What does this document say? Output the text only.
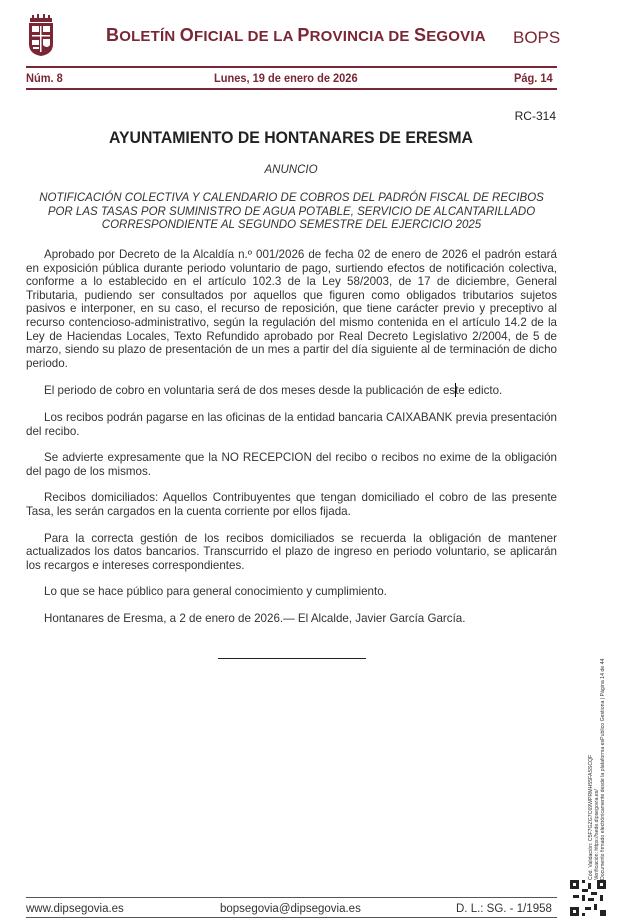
BOLETÍN OFICIAL DE LA PROVINCIA DE SEGOVIA BOPS
Núm. 8	Lunes, 19 de enero de 2026	Pág. 14
RC-314
AYUNTAMIENTO DE HONTANARES DE ERESMA
ANUNCIO
NOTIFICACIÓN COLECTIVA Y CALENDARIO DE COBROS DEL PADRÓN FISCAL DE RECIBOS POR LAS TASAS POR SUMINISTRO DE AGUA POTABLE, SERVICIO DE ALCANTARILLADO CORRESPONDIENTE AL SEGUNDO SEMESTRE DEL EJERCICIO 2025

Aprobado por Decreto de la Alcaldía n.º 001/2026 de fecha 02 de enero de 2026 el padrón estará en exposición pública durante periodo voluntario de pago, surtiendo efectos de notificación colectiva, conforme a lo establecido en el artículo 102.3 de la Ley 58/2003, de 17 de diciembre, General Tributaria, pudiendo ser consultados por aquellos que figuren como obligados tributarios sujetos pasivos e interponer, en su caso, el recurso de reposición, que tiene carácter previo y preceptivo al recurso contencioso-administrativo, según la regulación del mismo contenida en el artículo 14.2 de la Ley de Haciendas Locales, Texto Refundido aprobado por Real Decreto Legislativo 2/2004, de 5 de marzo, siendo su plazo de presentación de un mes a partir del día siguiente al de terminación de dicho periodo.

El periodo de cobro en voluntaria será de dos meses desde la publicación de este edicto.

Los recibos podrán pagarse en las oficinas de la entidad bancaria CAIXABANK previa presentación del recibo.

Se advierte expresamente que la NO RECEPCION del recibo o recibos no exime de la obligación del pago de los mismos.

Recibos domiciliados: Aquellos Contribuyentes que tengan domiciliado el cobro de las presente Tasa, les serán cargados en la cuenta corriente por ellos fijada.

Para la correcta gestión de los recibos domiciliados se recuerda la obligación de mantener actualizados los datos bancarios. Transcurrido el plazo de ingreso en periodo voluntario, se aplicarán los recargos e intereses correspondientes.

Lo que se hace público para general conocimiento y cumplimiento.

Hontanares de Eresma, a 2 de enero de 2026.— El Alcalde, Javier García García.

Cód. Validación: C5F7GZG7C69WPRMH55FASSCQF Verificación: https://sede.dipsegovia.es/ Documento firmado electrónicamente desde la plataforma esPublico Gestiona | Página 14 de 44
www.dipsegovia.es	bopsegovia@dipsegovia.es	D. L.: SG. - 1/1958
